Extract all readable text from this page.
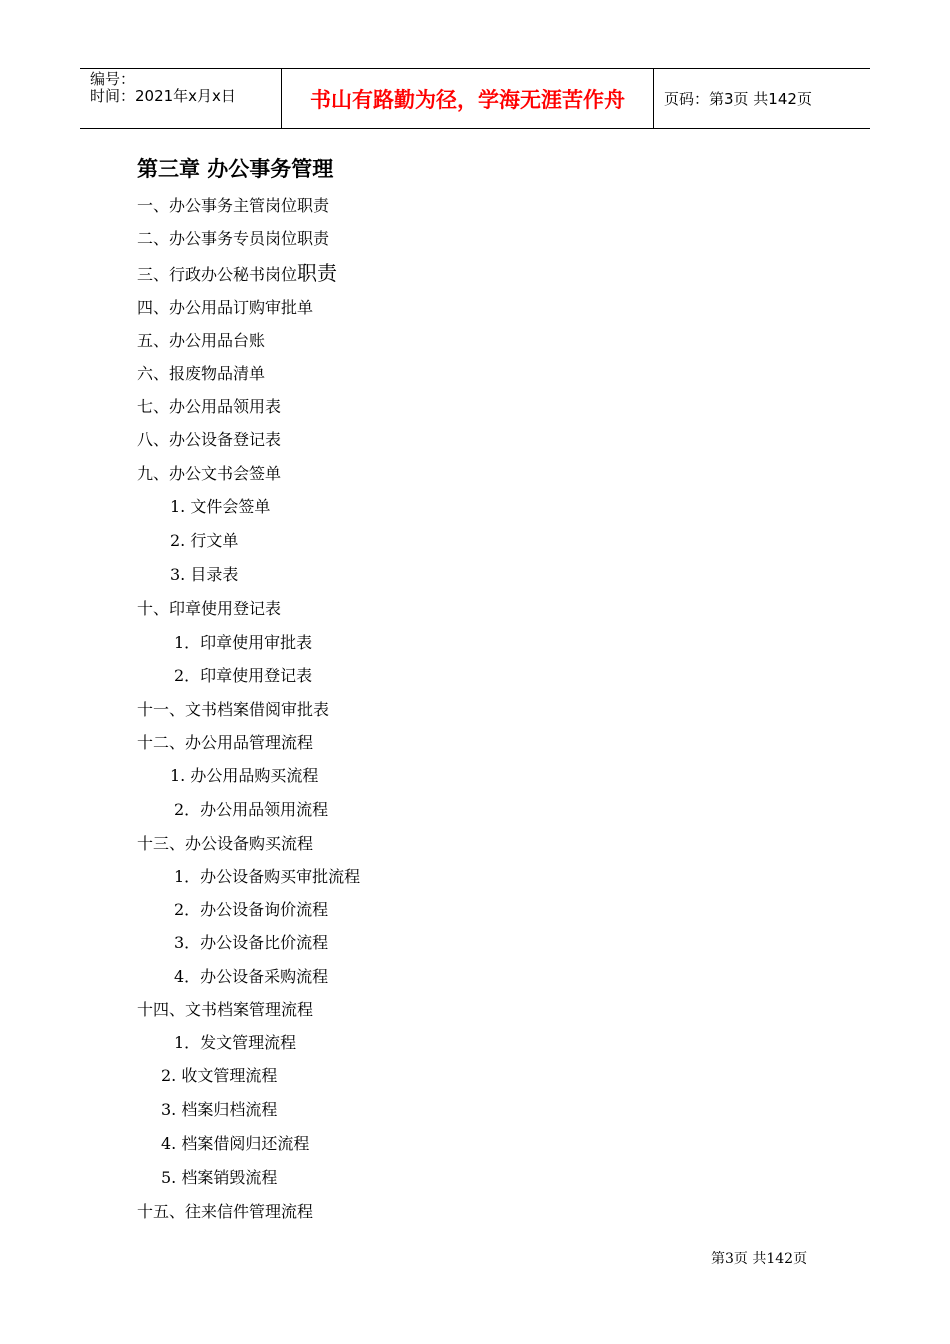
编号：
时间：2021年x月x日	书山有路勤为径，学海无涯苦作舟	页码：第3页 共142页
第三章 办公事务管理
一、办公事务主管岗位职责
二、办公事务专员岗位职责
三、行政办公秘书岗位职责
四、办公用品订购审批单
五、办公用品台账
六、报废物品清单
七、办公用品领用表
八、办公设备登记表
九、办公文书会签单
1. 文件会签单
2. 行文单
3. 目录表
十、印章使用登记表
1．印章使用审批表
2．印章使用登记表
十一、文书档案借阅审批表
十二、办公用品管理流程
1. 办公用品购买流程
2．办公用品领用流程
十三、办公设备购买流程
1．办公设备购买审批流程
2．办公设备询价流程
3．办公设备比价流程
4．办公设备采购流程
十四、文书档案管理流程
1．发文管理流程
2. 收文管理流程
3. 档案归档流程
4. 档案借阅归还流程
5. 档案销毁流程
十五、往来信件管理流程
第3页 共142页
